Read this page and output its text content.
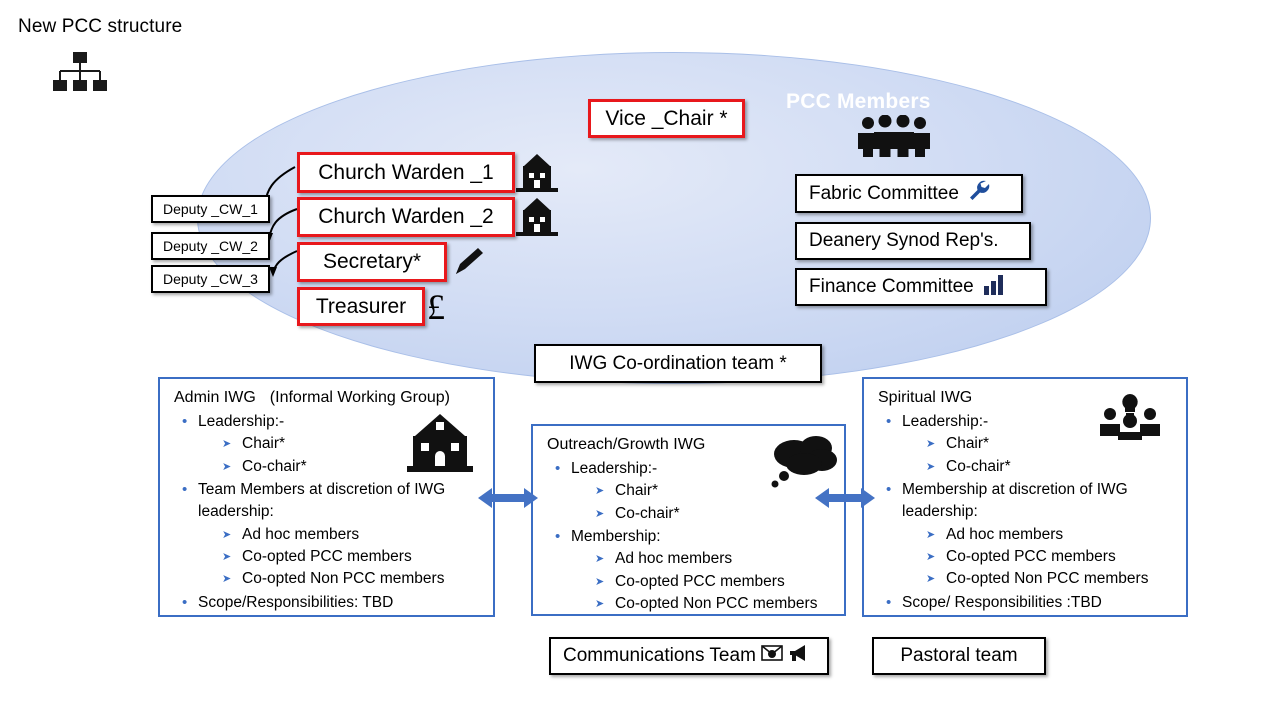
New PCC structure
PCC Members
Vice _Chair *
Church Warden _1
Church Warden _2
Secretary*
Treasurer £
Deputy _CW_1
Deputy _CW_2
Deputy _CW_3
Fabric Committee
Deanery Synod Rep's.
Finance Committee
IWG Co-ordination team *
Admin IWG (Informal Working Group)
• Leadership:-
➤ Chair*
➤ Co-chair*
• Team Members at discretion of IWG leadership:
➤ Ad hoc members
➤ Co-opted PCC members
➤ Co-opted Non PCC members
• Scope/Responsibilities: TBD
Outreach/Growth IWG
• Leadership:-
➤ Chair*
➤ Co-chair*
• Membership:
➤ Ad hoc members
➤ Co-opted PCC members
➤ Co-opted Non PCC members
Spiritual IWG
• Leadership:-
➤ Chair*
➤ Co-chair*
• Membership at discretion of IWG leadership:
➤ Ad hoc members
➤ Co-opted PCC members
➤ Co-opted Non PCC members
• Scope/ Responsibilities :TBD
Communications Team	Pastoral team
